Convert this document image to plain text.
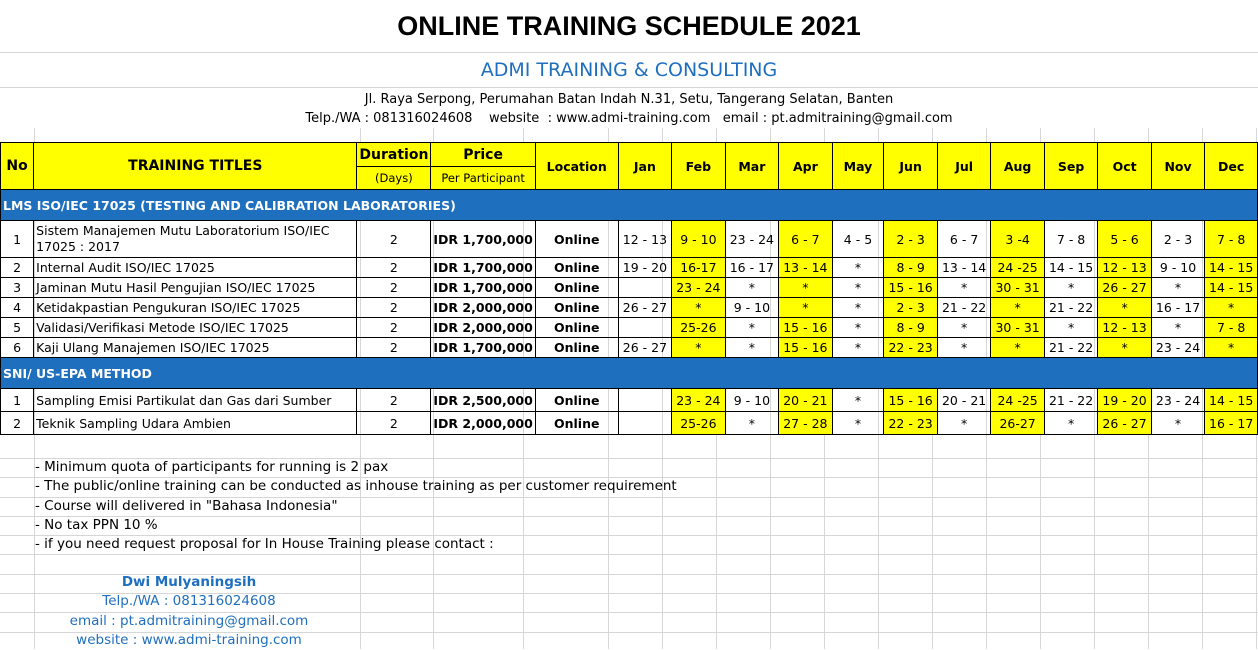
ONLINE TRAINING SCHEDULE 2021
ADMI TRAINING & CONSULTING
Jl. Raya Serpong, Perumahan Batan Indah N.31, Setu, Tangerang Selatan, Banten
Telp./WA : 081316024608    website  : www.admi-training.com   email : pt.admitraining@gmail.com
No	TRAINING TITLES	Duration	Price	Location	Jan	Feb	Mar	Apr	May	Jun	Jul	Aug	Sep	Oct	Nov	Dec
		(Days)	Per Participant													
LMS ISO/IEC 17025 (TESTING AND CALIBRATION LABORATORIES)																
1	Sistem Manajemen Mutu Laboratorium ISO/IEC 17025 : 2017	2	IDR 1,700,000	Online	12 - 13	9 - 10	23 - 24	6 - 7	4 - 5	2 - 3	6 - 7	3 -4	7 - 8	5 - 6	2 - 3	7 - 8
2	Internal Audit ISO/IEC 17025	2	IDR 1,700,000	Online	19 - 20	16-17	16 - 17	13 - 14	*	8 - 9	13 - 14	24 -25	14 - 15	12 - 13	9 - 10	14 - 15
3	Jaminan Mutu Hasil Pengujian ISO/IEC 17025	2	IDR 1,700,000	Online		23 - 24	*	*	*	15 - 16	*	30 - 31	*	26 - 27	*	14 - 15
4	Ketidakpastian Pengukuran ISO/IEC 17025	2	IDR 2,000,000	Online	26 - 27	*	9 - 10	*	*	2 - 3	21 - 22	*	21 - 22	*	16 - 17	*
5	Validasi/Verifikasi Metode ISO/IEC 17025	2	IDR 2,000,000	Online		25-26	*	15 - 16	*	8 - 9	*	30 - 31	*	12 - 13	*	7 - 8
6	Kaji Ulang Manajemen ISO/IEC 17025	2	IDR 1,700,000	Online	26 - 27	*	*	15 - 16	*	22 - 23	*	*	21 - 22	*	23 - 24	*
SNI/ US-EPA METHOD																
1	Sampling Emisi Partikulat dan Gas dari Sumber	2	IDR 2,500,000	Online		23 - 24	9 - 10	20 - 21	*	15 - 16	20 - 21	24 -25	21 - 22	19 - 20	23 - 24	14 - 15
2	Teknik Sampling Udara Ambien	2	IDR 2,000,000	Online		25-26	*	27 - 28	*	22 - 23	*	26-27	*	26 - 27	*	16 - 17
- Minimum quota of participants for running is 2 pax
- The public/online training can be conducted as inhouse training as per customer requirement
- Course will delivered in "Bahasa Indonesia"
- No tax PPN 10 %
- if you need request proposal for In House Training please contact :
Dwi Mulyaningsih
Telp./WA : 081316024608
email : pt.admitraining@gmail.com
website : www.admi-training.com
